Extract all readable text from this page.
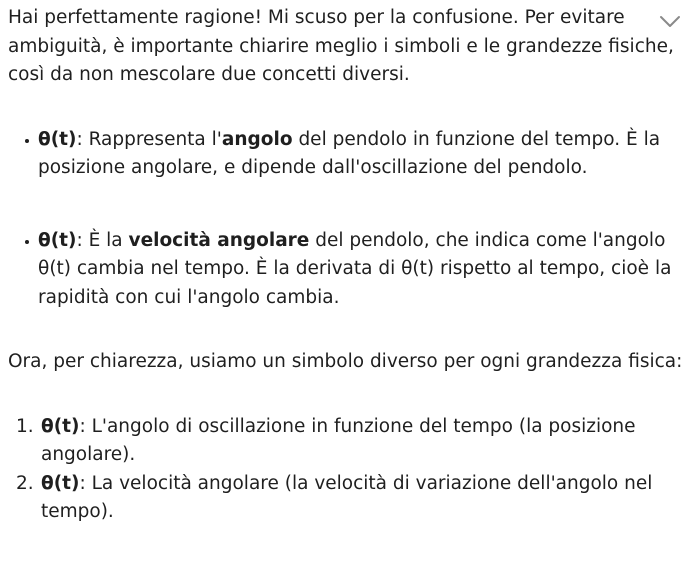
Hai perfettamente ragione! Mi scuso per la confusione. Per evitare ambiguità, è importante chiarire meglio i simboli e le grandezze fisiche, così da non mescolare due concetti diversi.

θ(t): Rappresenta l'angolo del pendolo in funzione del tempo. È la posizione angolare, e dipende dall'oscillazione del pendolo.
θ(t): È la velocità angolare del pendolo, che indica come l'angolo θ(t) cambia nel tempo. È la derivata di θ(t) rispetto al tempo, cioè la rapidità con cui l'angolo cambia.

Ora, per chiarezza, usiamo un simbolo diverso per ogni grandezza fisica:

1. θ(t): L'angolo di oscillazione in funzione del tempo (la posizione angolare).
2. θ(t): La velocità angolare (la velocità di variazione dell'angolo nel tempo).
